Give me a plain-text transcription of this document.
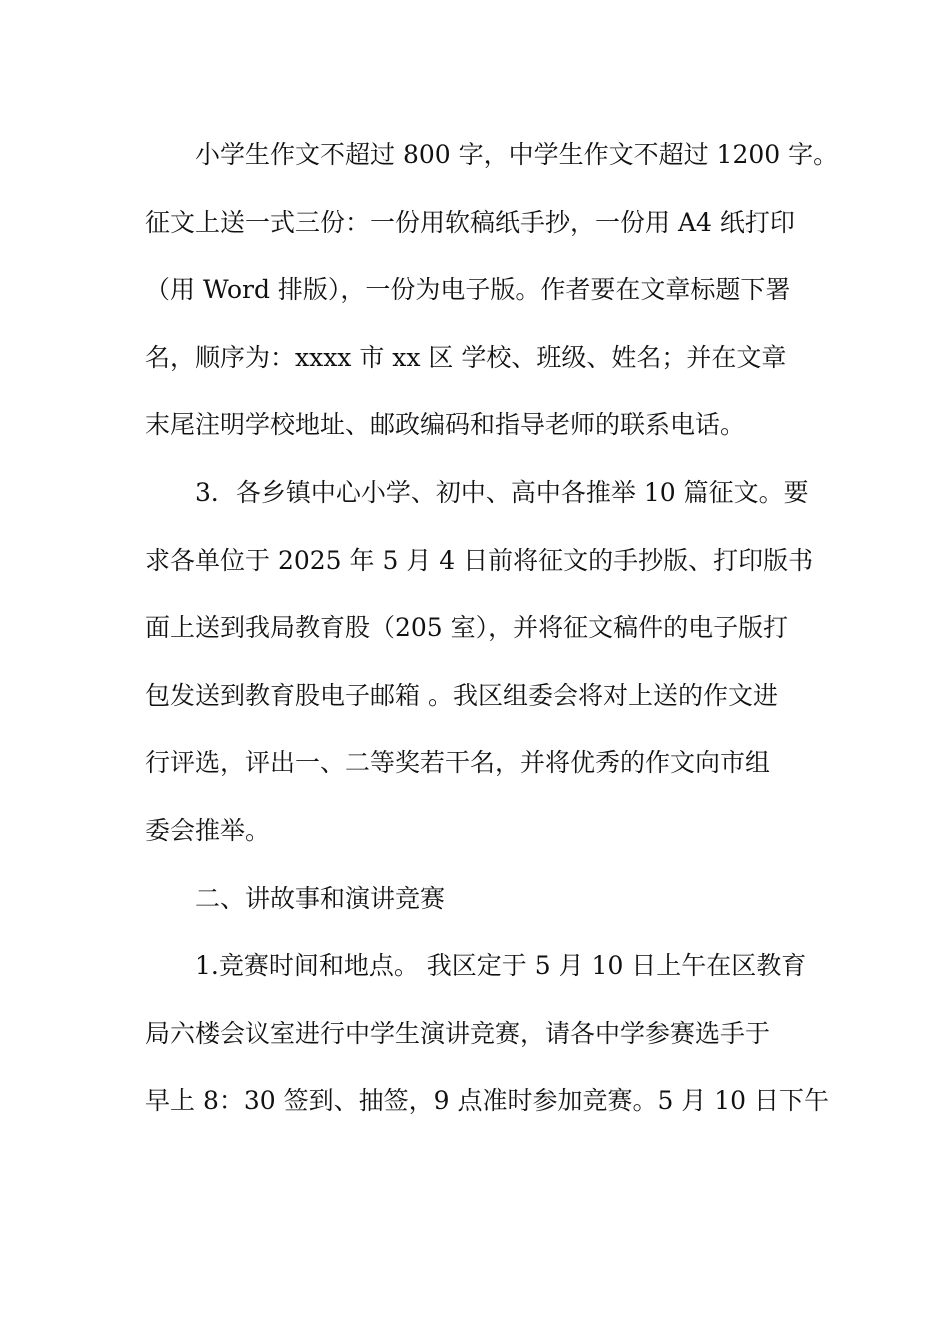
小学生作文不超过 800 字，中学生作文不超过 1200 字。
征文上送一式三份：一份用软稿纸手抄，一份用 A4 纸打印
（用 Word 排版），一份为电子版。作者要在文章标题下署
名，顺序为：xxxx 市 xx 区 学校、班级、姓名；并在文章
末尾注明学校地址、邮政编码和指导老师的联系电话。
3．各乡镇中心小学、初中、高中各推举 10 篇征文。要
求各单位于 2025 年 5 月 4 日前将征文的手抄版、打印版书
面上送到我局教育股（205 室），并将征文稿件的电子版打
包发送到教育股电子邮箱 。我区组委会将对上送的作文进
行评选，评出一、二等奖若干名，并将优秀的作文向市组
委会推举。
二、讲故事和演讲竞赛
1.竞赛时间和地点。 我区定于 5 月 10 日上午在区教育
局六楼会议室进行中学生演讲竞赛，请各中学参赛选手于
早上 8：30 签到、抽签，9 点准时参加竞赛。5 月 10 日下午
